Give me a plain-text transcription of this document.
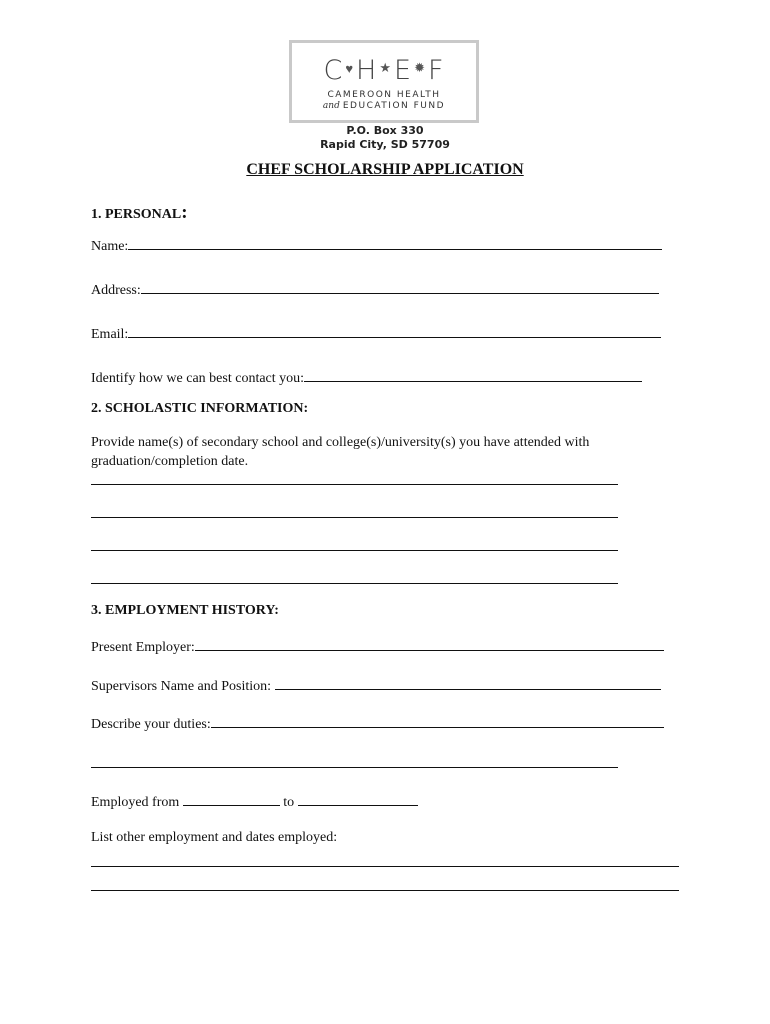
C ♥H ★E ✹F
CAMEROON HEALTH
and EDUCATION FUND
P.O. Box 330
Rapid City, SD 57709
CHEF SCHOLARSHIP APPLICATION
1. PERSONAL:
Name:
Address:
Email:
Identify how we can best contact you:
2. SCHOLASTIC INFORMATION:
Provide name(s) of secondary school and college(s)/university(s) you have attended with graduation/completion date.
3. EMPLOYMENT HISTORY:
Present Employer:
Supervisors Name and Position:
Describe your duties:
Employed from	to
List other employment and dates employed:
